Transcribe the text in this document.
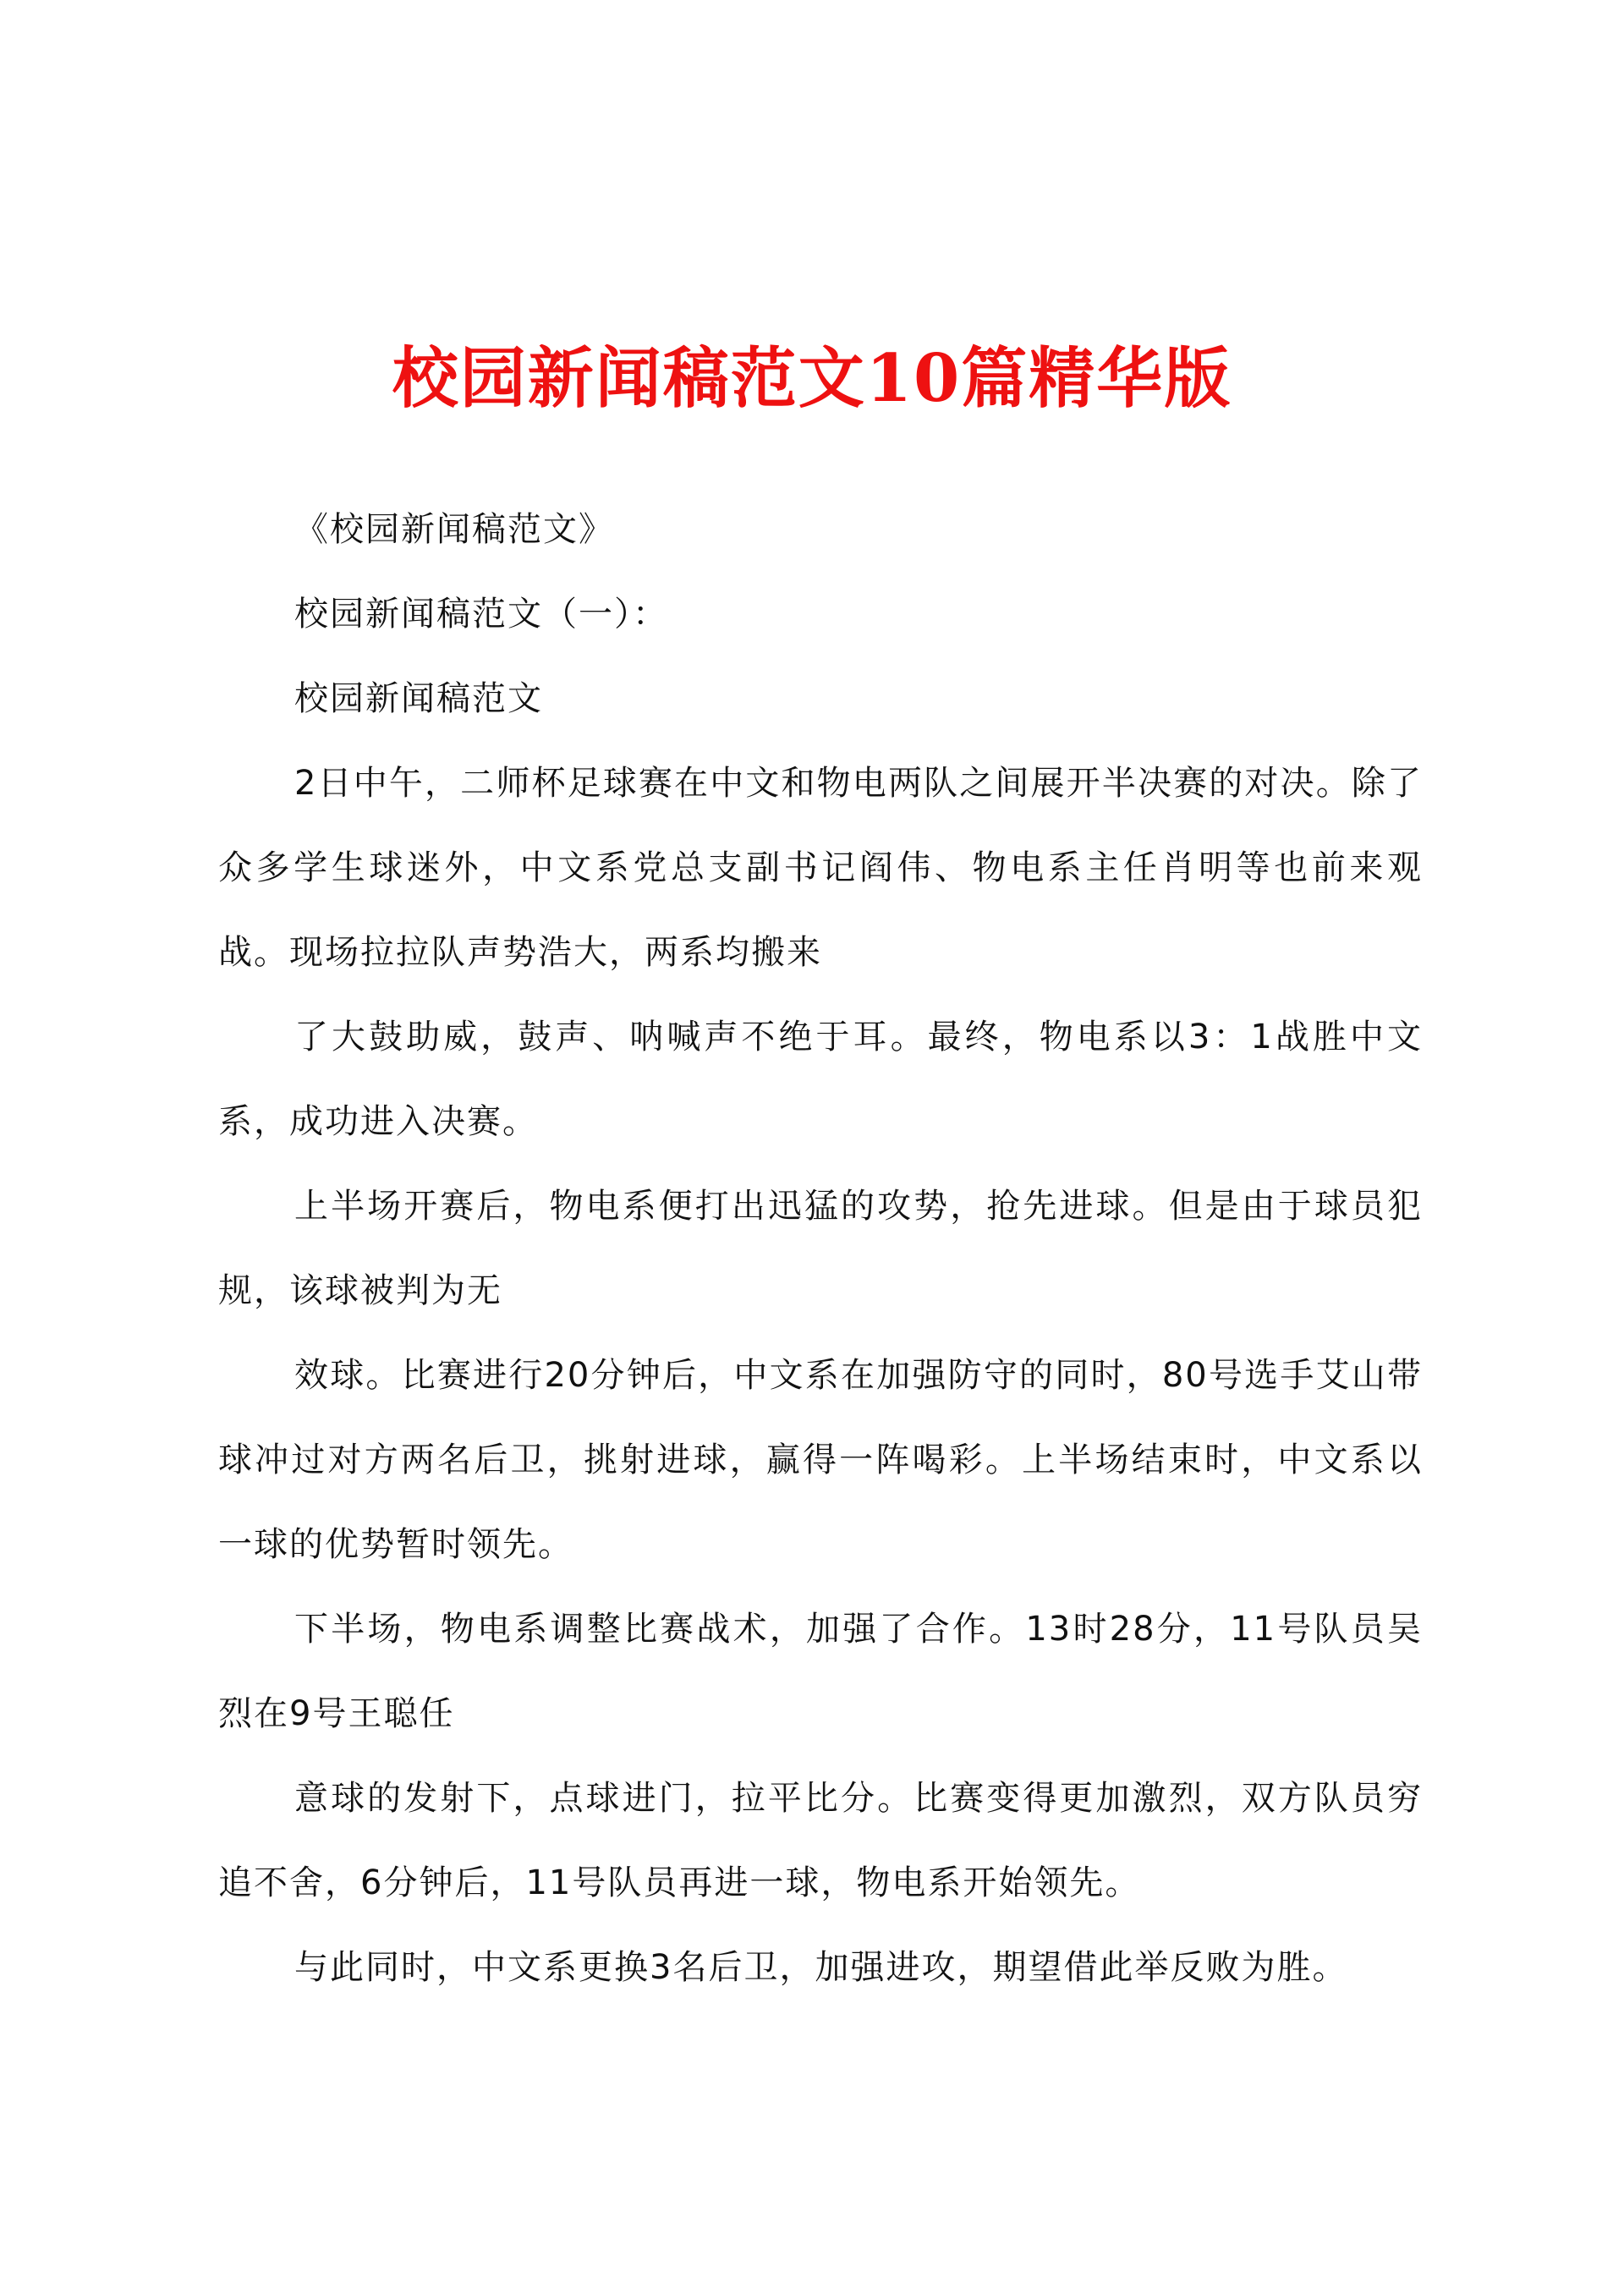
校园新闻稿范文10篇精华版

《校园新闻稿范文》

校园新闻稿范文（一）：

校园新闻稿范文

2日中午，二师杯足球赛在中文和物电两队之间展开半决赛的对决。除了众多学生球迷外，中文系党总支副书记阎伟、物电系主任肖明等也前来观战。现场拉拉队声势浩大，两系均搬来

了大鼓助威，鼓声、呐喊声不绝于耳。最终，物电系以3：1战胜中文系，成功进入决赛。

上半场开赛后，物电系便打出迅猛的攻势，抢先进球。但是由于球员犯规，该球被判为无

效球。比赛进行20分钟后，中文系在加强防守的同时，80号选手艾山带球冲过对方两名后卫，挑射进球，赢得一阵喝彩。上半场结束时，中文系以一球的优势暂时领先。

下半场，物电系调整比赛战术，加强了合作。13时28分，11号队员吴烈在9号王聪任

意球的发射下，点球进门，拉平比分。比赛变得更加激烈，双方队员穷追不舍，6分钟后，11号队员再进一球，物电系开始领先。

与此同时，中文系更换3名后卫，加强进攻，期望借此举反败为胜。
